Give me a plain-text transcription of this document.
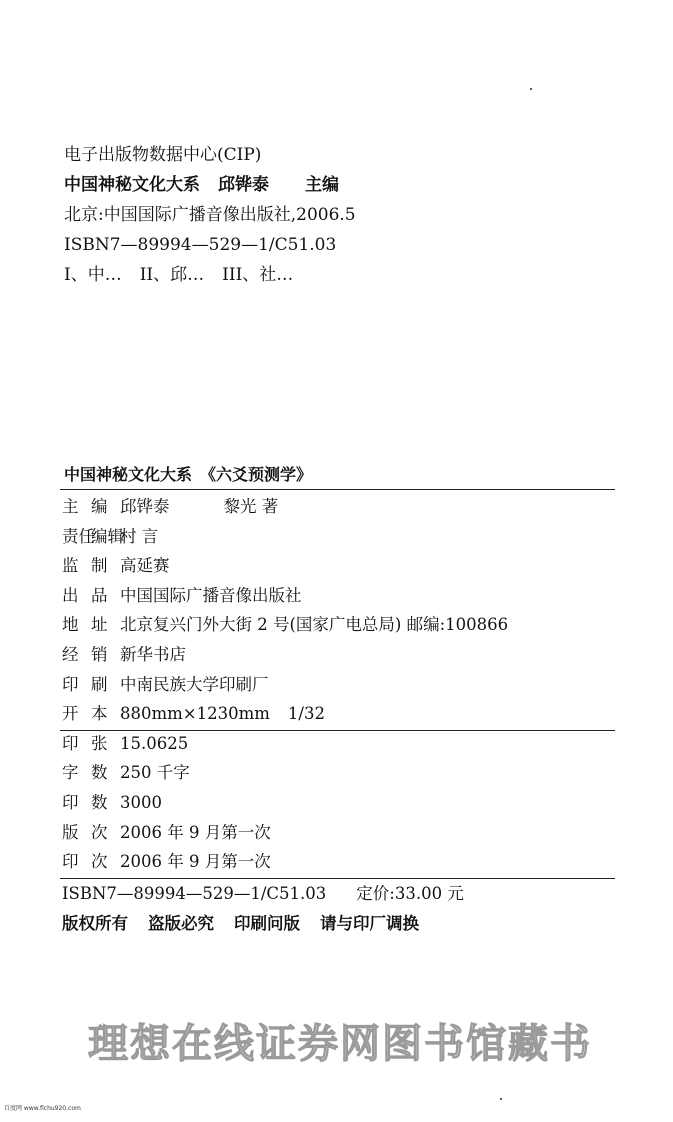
电子出版物数据中心(CIP)
中国神秘文化大系 邱铧泰 主编
北京:中国国际广播音像出版社,2006.5
ISBN7—89994—529—1/C51.03
I、中… II、邱… III、社…
中国神秘文化大系　《六爻预测学》
主 编 邱铧泰	黎光 著
责任编辑村 言
监 制 高延赛
出 品 中国国际广播音像出版社
地 址 北京复兴门外大街 2 号(国家广电总局) 邮编:100866
经 销 新华书店
印 刷 中南民族大学印刷厂
开 本 880mm×1230mm 1/32
印 张 15.0625
字 数 250 千字
印 数 3000
版 次 2006 年 9 月第一次
印 次 2006 年 9 月第一次
ISBN7—89994—529—1/C51.03 定价:33.00 元
版权所有 盗版必究 印刷问版 请与印厂调换
理想在线证券网图书馆藏书
百度网 www.fichu920.com
